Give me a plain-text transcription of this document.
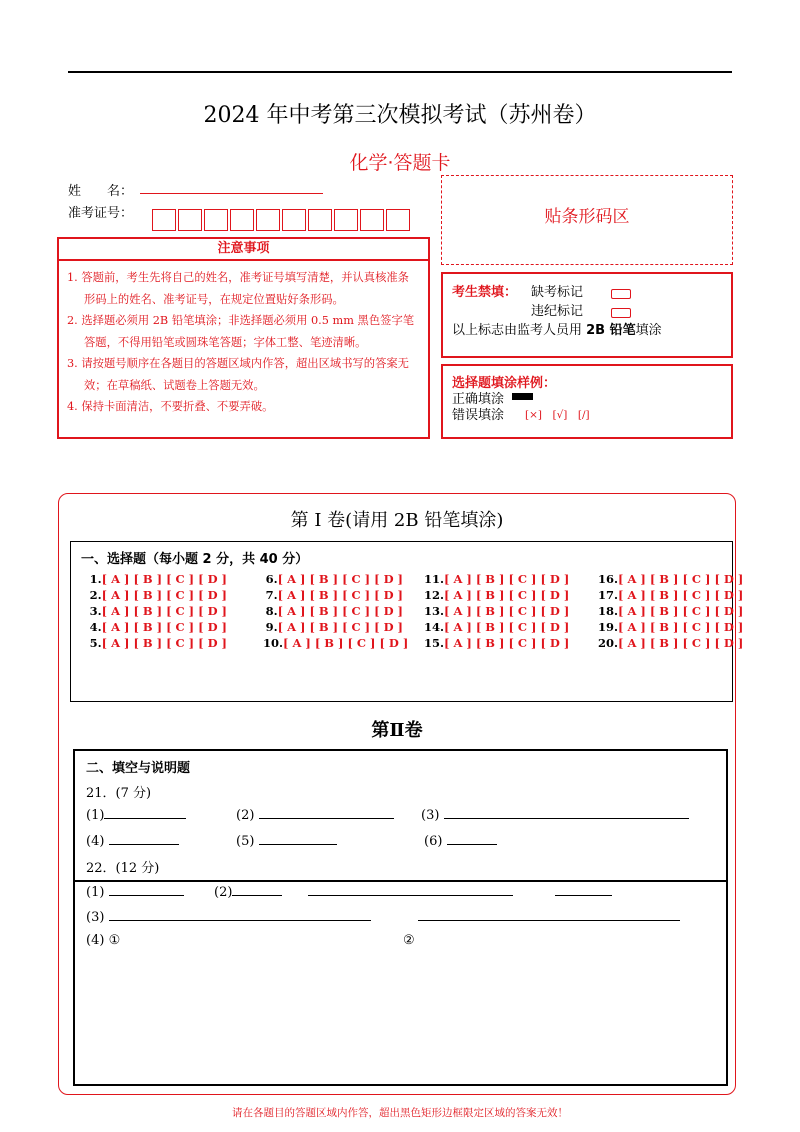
2024 年中考第三次模拟考试（苏州卷）
化学·答题卡
姓　　名：
准考证号：	贴条形码区
注意事项

1. 答题前，考生先将自己的姓名，准考证号填写清楚，并认真核准条形码上的姓名、准考证号，在规定位置贴好条形码。

2. 选择题必须用 2B 铅笔填涂；非选择题必须用 0.5 mm 黑色签字笔答题，不得用铅笔或圆珠笔答题；字体工整、笔迹清晰。

3. 请按题号顺序在各题目的答题区域内作答，超出区域书写的答案无效；在草稿纸、试题卷上答题无效。

4. 保持卡面清洁，不要折叠、不要弄破。

考生禁填： 缺考标记
违纪标记
以上标志由监考人员用 2B 铅笔填涂
选择题填涂样例：
正确填涂
错误填涂 [×]　[√]　[/]
第 I 卷(请用 2B 铅笔填涂)
一、选择题（每小题 2 分，共 40 分）
1.[ A ] [ B ] [ C ] [ D ]
2.[ A ] [ B ] [ C ] [ D ]
3.[ A ] [ B ] [ C ] [ D ]
4.[ A ] [ B ] [ C ] [ D ]
5.[ A ] [ B ] [ C ] [ D ]
6.[ A ] [ B ] [ C ] [ D ]
7.[ A ] [ B ] [ C ] [ D ]
8.[ A ] [ B ] [ C ] [ D ]
9.[ A ] [ B ] [ C ] [ D ]
10.[ A ] [ B ] [ C ] [ D ]
11.[ A ] [ B ] [ C ] [ D ]
12.[ A ] [ B ] [ C ] [ D ]
13.[ A ] [ B ] [ C ] [ D ]
14.[ A ] [ B ] [ C ] [ D ]
15.[ A ] [ B ] [ C ] [ D ]
16.[ A ] [ B ] [ C ] [ D ]
17.[ A ] [ B ] [ C ] [ D ]
18.[ A ] [ B ] [ C ] [ D ]
19.[ A ] [ B ] [ C ] [ D ]
20.[ A ] [ B ] [ C ] [ D ]
第Ⅱ卷
二、填空与说明题
21．(7 分)
(1)	(2)	(3)
(4)	(5)	(6)
22．(12 分)
(1)	(2)
(3)
(4) ①	②
请在各题目的答题区域内作答，超出黑色矩形边框限定区域的答案无效！
